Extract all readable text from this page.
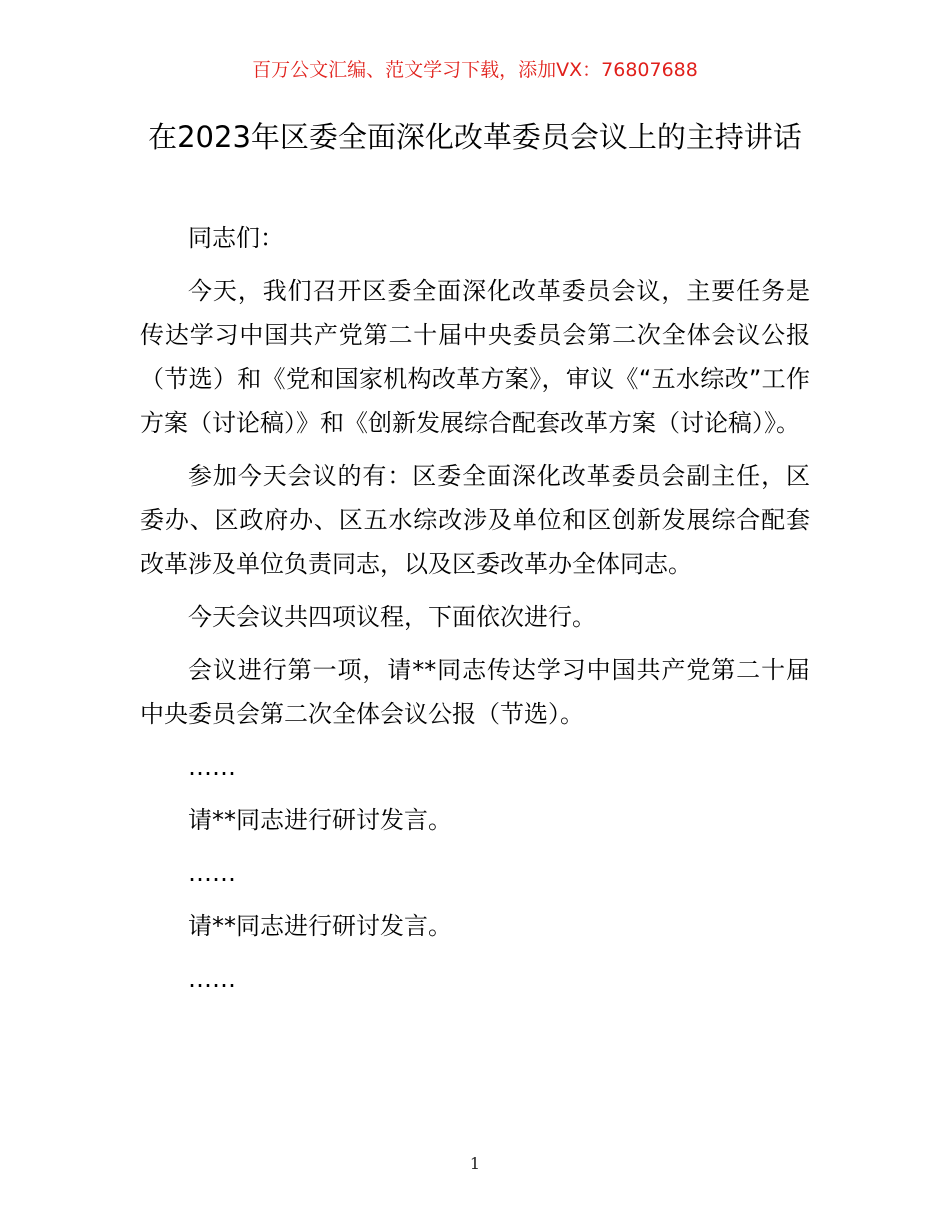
百万公文汇编、范文学习下载，添加VX：76807688
在2023年区委全面深化改革委员会议上的主持讲话

同志们：

今天，我们召开区委全面深化改革委员会议，主要任务是传达学习中国共产党第二十届中央委员会第二次全体会议公报（节选）和《党和国家机构改革方案》，审议《“五水综改”工作方案（讨论稿）》和《创新发展综合配套改革方案（讨论稿）》。

参加今天会议的有：区委全面深化改革委员会副主任，区委办、区政府办、区五水综改涉及单位和区创新发展综合配套改革涉及单位负责同志，以及区委改革办全体同志。

今天会议共四项议程，下面依次进行。

会议进行第一项，请**同志传达学习中国共产党第二十届中央委员会第二次全体会议公报（节选）。

……

请**同志进行研讨发言。

……

请**同志进行研讨发言。

……

1
